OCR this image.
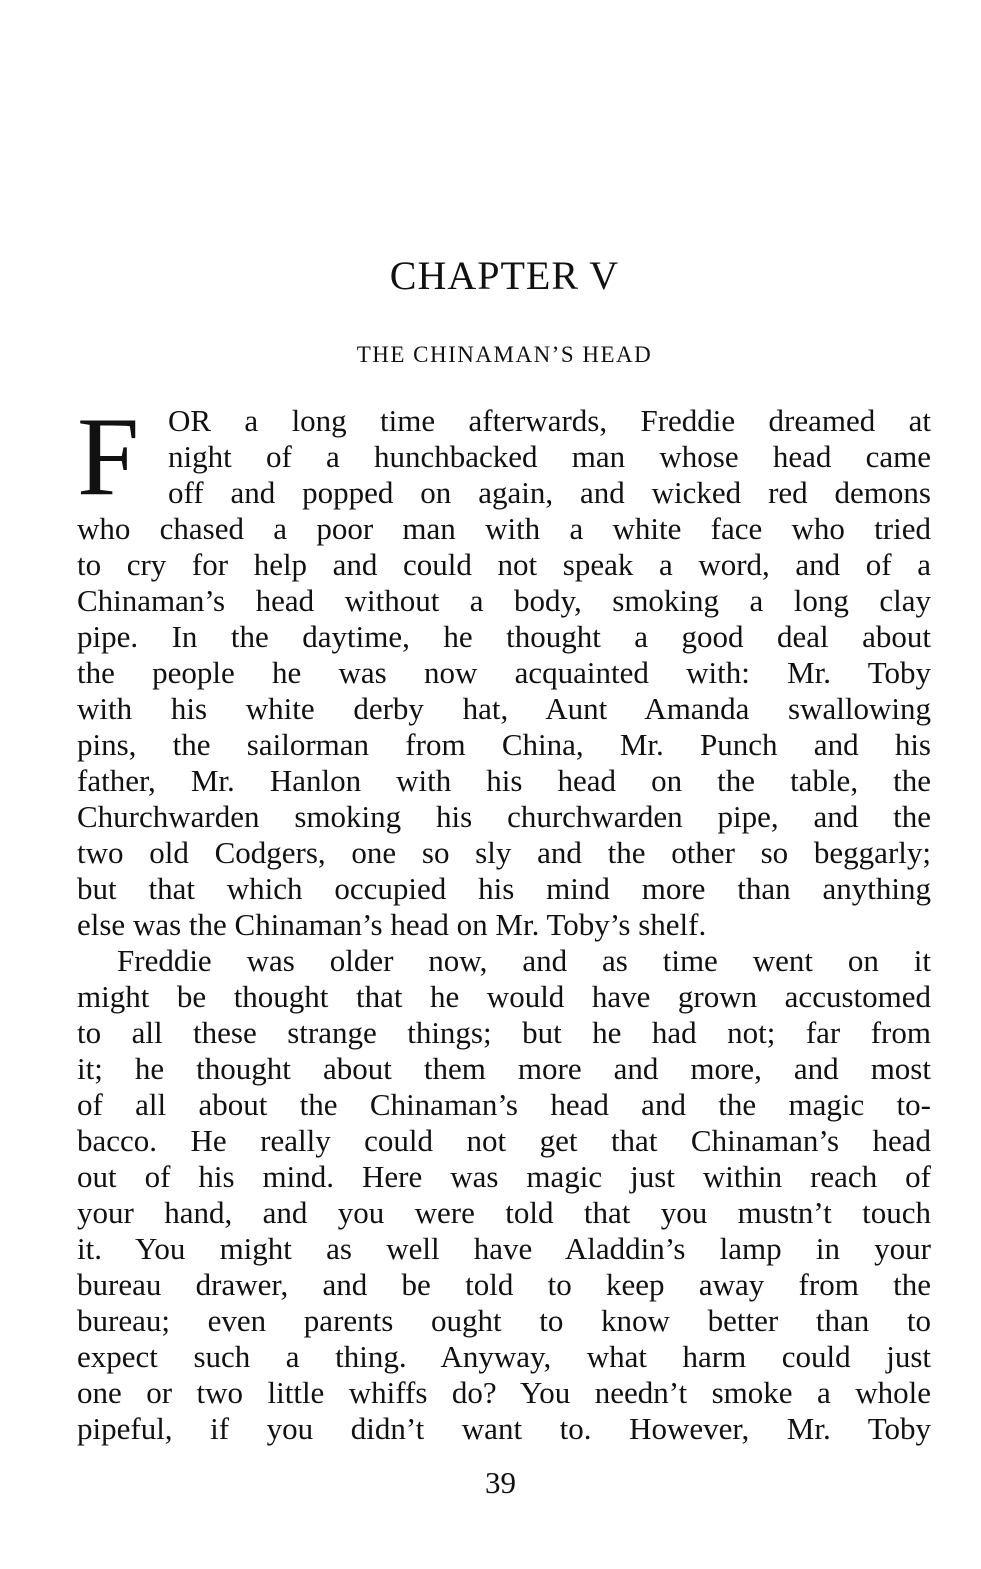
CHAPTER V
THE CHINAMAN’S HEAD
F OR a long time afterwards, Freddie dreamed at
night of a hunchbacked man whose head came
off and popped on again, and wicked red demons
who chased a poor man with a white face who tried
to cry for help and could not speak a word, and of a
Chinaman’s head without a body, smoking a long clay
pipe. In the daytime, he thought a good deal about
the people he was now acquainted with: Mr. Toby
with his white derby hat, Aunt Amanda swallowing
pins, the sailorman from China, Mr. Punch and his
father, Mr. Hanlon with his head on the table, the
Churchwarden smoking his churchwarden pipe, and the
two old Codgers, one so sly and the other so beggarly;
but that which occupied his mind more than anything
else was the Chinaman’s head on Mr. Toby’s shelf.
Freddie was older now, and as time went on it
might be thought that he would have grown accustomed
to all these strange things; but he had not; far from
it; he thought about them more and more, and most
of all about the Chinaman’s head and the magic to-
bacco. He really could not get that Chinaman’s head
out of his mind. Here was magic just within reach of
your hand, and you were told that you mustn’t touch
it. You might as well have Aladdin’s lamp in your
bureau drawer, and be told to keep away from the
bureau; even parents ought to know better than to
expect such a thing. Anyway, what harm could just
one or two little whiffs do? You needn’t smoke a whole
pipeful, if you didn’t want to. However, Mr. Toby
39
